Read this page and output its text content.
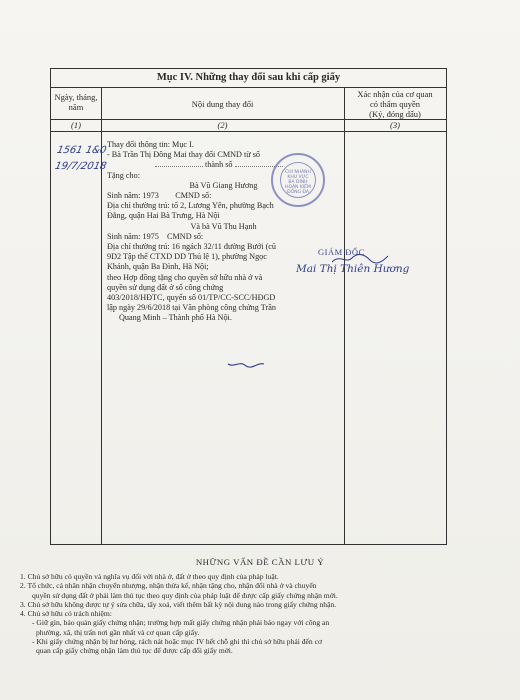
Mục IV. Những thay đổi sau khi cấp giấy
Ngày, tháng,
năm	Nội dung thay đổi
Xác nhận của cơ quan
có thẩm quyền
(Ký, đóng dấu)
(1)	(2)	(3)
1561 1&0
19/7/2018
Thay đổi thông tin: Mục I.
- Bà Trần Thị Đông Mai thay đổi CMND từ số
thành số
Tặng cho:
Bà Vũ Giang Hương
Sinh năm: 1973        CMND số:
Địa chỉ thường trú: tổ 2, Lương Yên, phường Bạch
Đằng, quận Hai Bà Trưng, Hà Nội
Và bà Vũ Thu Hạnh
Sinh năm: 1975    CMND số:
Địa chỉ thường trú: 16 ngách 32/11 đường Bưởi (cũ
9D2 Tập thể CTXD DD Thủ lệ 1), phường Ngọc
Khánh, quận Ba Đình, Hà Nội;
theo Hợp đồng tặng cho quyền sở hữu nhà ở và
quyền sử dụng đất ở số công chứng
403/2018/HĐTC, quyển số 01/TP/CC-SCC/HĐGD
lập ngày 29/6/2018 tại Văn phòng công chứng Trần
Quang Minh – Thành phố Hà Nội.
CHI NHÁNH
KHU VỰC
BA ĐÌNH
HOÀN KIẾM
ĐỐNG ĐA
GIÁM ĐỐC
Mai Thị Thiên Hương
NHỮNG VẤN ĐỀ CẦN LƯU Ý
1. Chủ sở hữu có quyền và nghĩa vụ đối với nhà ở, đất ở theo quy định của pháp luật.
2. Tổ chức, cá nhân nhận chuyển nhượng, nhận thừa kế, nhận tặng cho, nhận đổi nhà ở và chuyển
quyền sử dụng đất ở phải làm thủ tục theo quy định của pháp luật để được cấp giấy chứng nhận mới.
3. Chủ sở hữu không được tự ý sửa chữa, tẩy xoá, viết thêm bất kỳ nội dung nào trong giấy chứng nhận.
4. Chủ sở hữu có trách nhiệm:
- Giữ gìn, bảo quản giấy chứng nhận; trường hợp mất giấy chứng nhận phải báo ngay với công an
phường, xã, thị trấn nơi gần nhất và cơ quan cấp giấy.
- Khi giấy chứng nhận bị hư hỏng, rách nát hoặc mục IV hết chỗ ghi thì chủ sở hữu phải đến cơ
quan cấp giấy chứng nhận làm thủ tục để được cấp đổi giấy mới.
